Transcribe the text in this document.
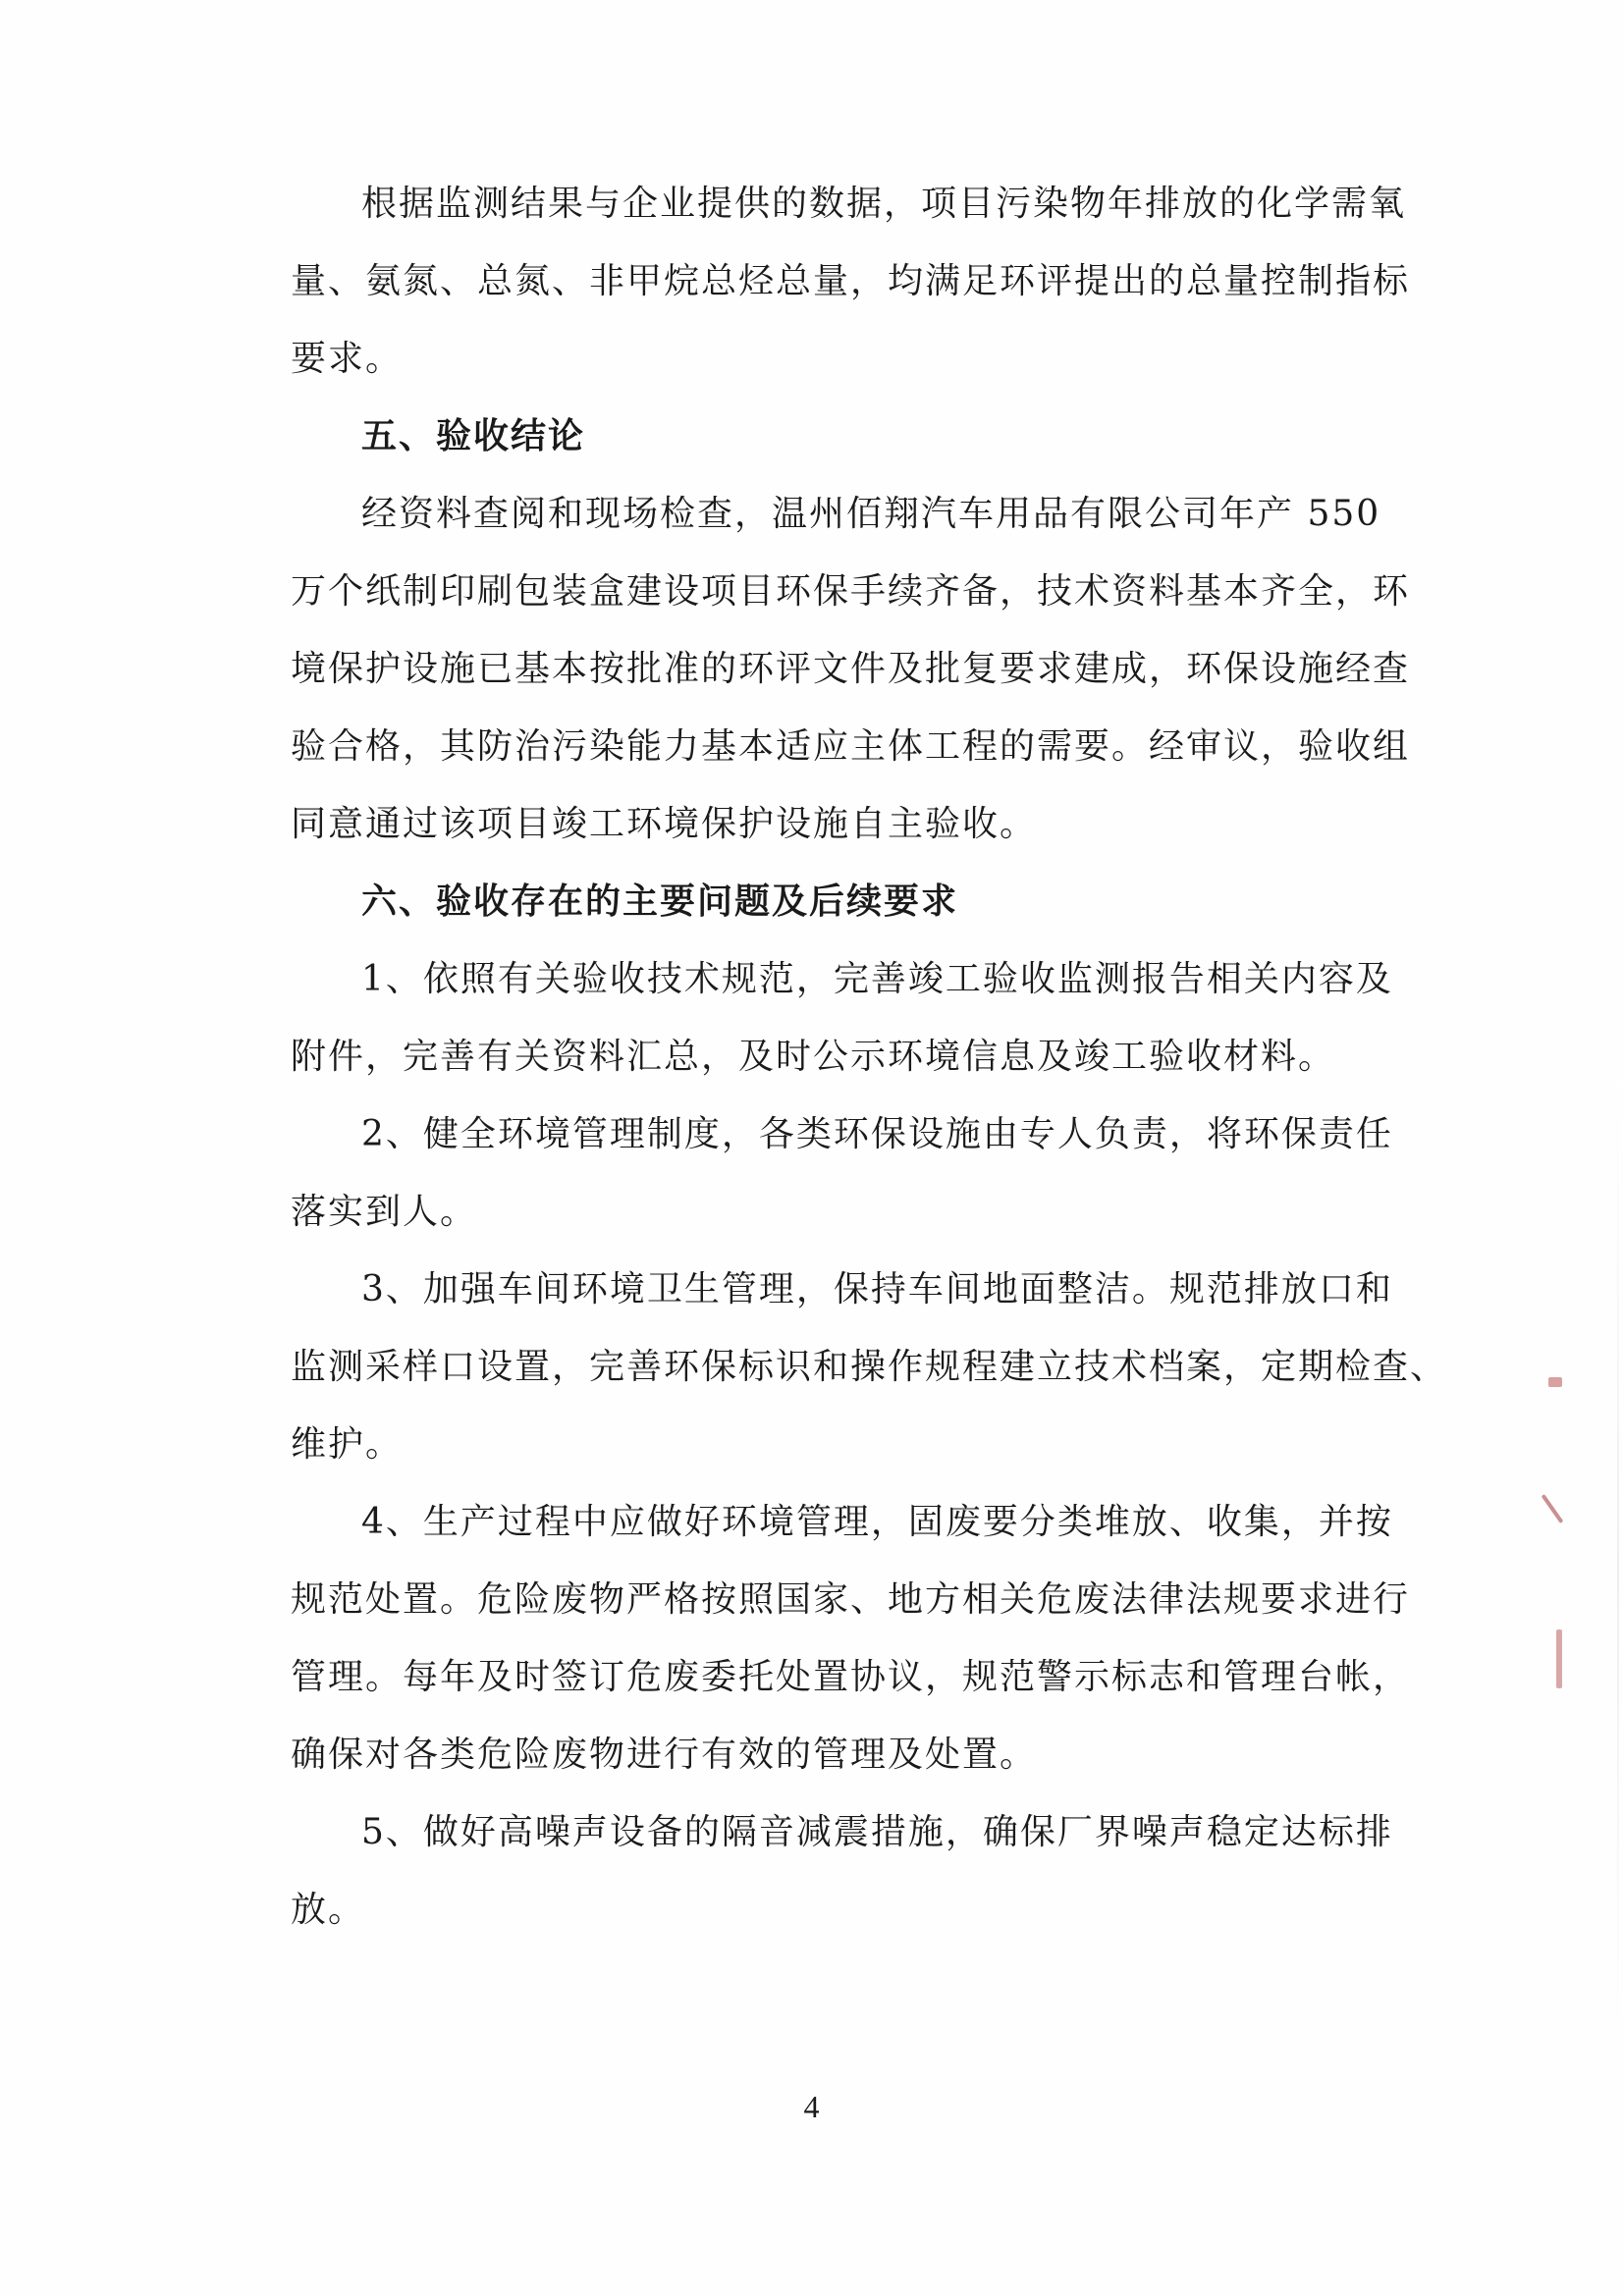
根据监测结果与企业提供的数据，项目污染物年排放的化学需氧
量、氨氮、总氮、非甲烷总烃总量，均满足环评提出的总量控制指标
要求。
五、验收结论
经资料查阅和现场检查，温州佰翔汽车用品有限公司年产 550
万个纸制印刷包装盒建设项目环保手续齐备，技术资料基本齐全，环
境保护设施已基本按批准的环评文件及批复要求建成，环保设施经查
验合格，其防治污染能力基本适应主体工程的需要。经审议，验收组
同意通过该项目竣工环境保护设施自主验收。
六、验收存在的主要问题及后续要求
1、依照有关验收技术规范，完善竣工验收监测报告相关内容及
附件，完善有关资料汇总，及时公示环境信息及竣工验收材料。
2、健全环境管理制度，各类环保设施由专人负责，将环保责任
落实到人。
3、加强车间环境卫生管理，保持车间地面整洁。规范排放口和
监测采样口设置，完善环保标识和操作规程建立技术档案，定期检查、
维护。
4、生产过程中应做好环境管理，固废要分类堆放、收集，并按
规范处置。危险废物严格按照国家、地方相关危废法律法规要求进行
管理。每年及时签订危废委托处置协议，规范警示标志和管理台帐，
确保对各类危险废物进行有效的管理及处置。
5、做好高噪声设备的隔音减震措施，确保厂界噪声稳定达标排
放。
4
